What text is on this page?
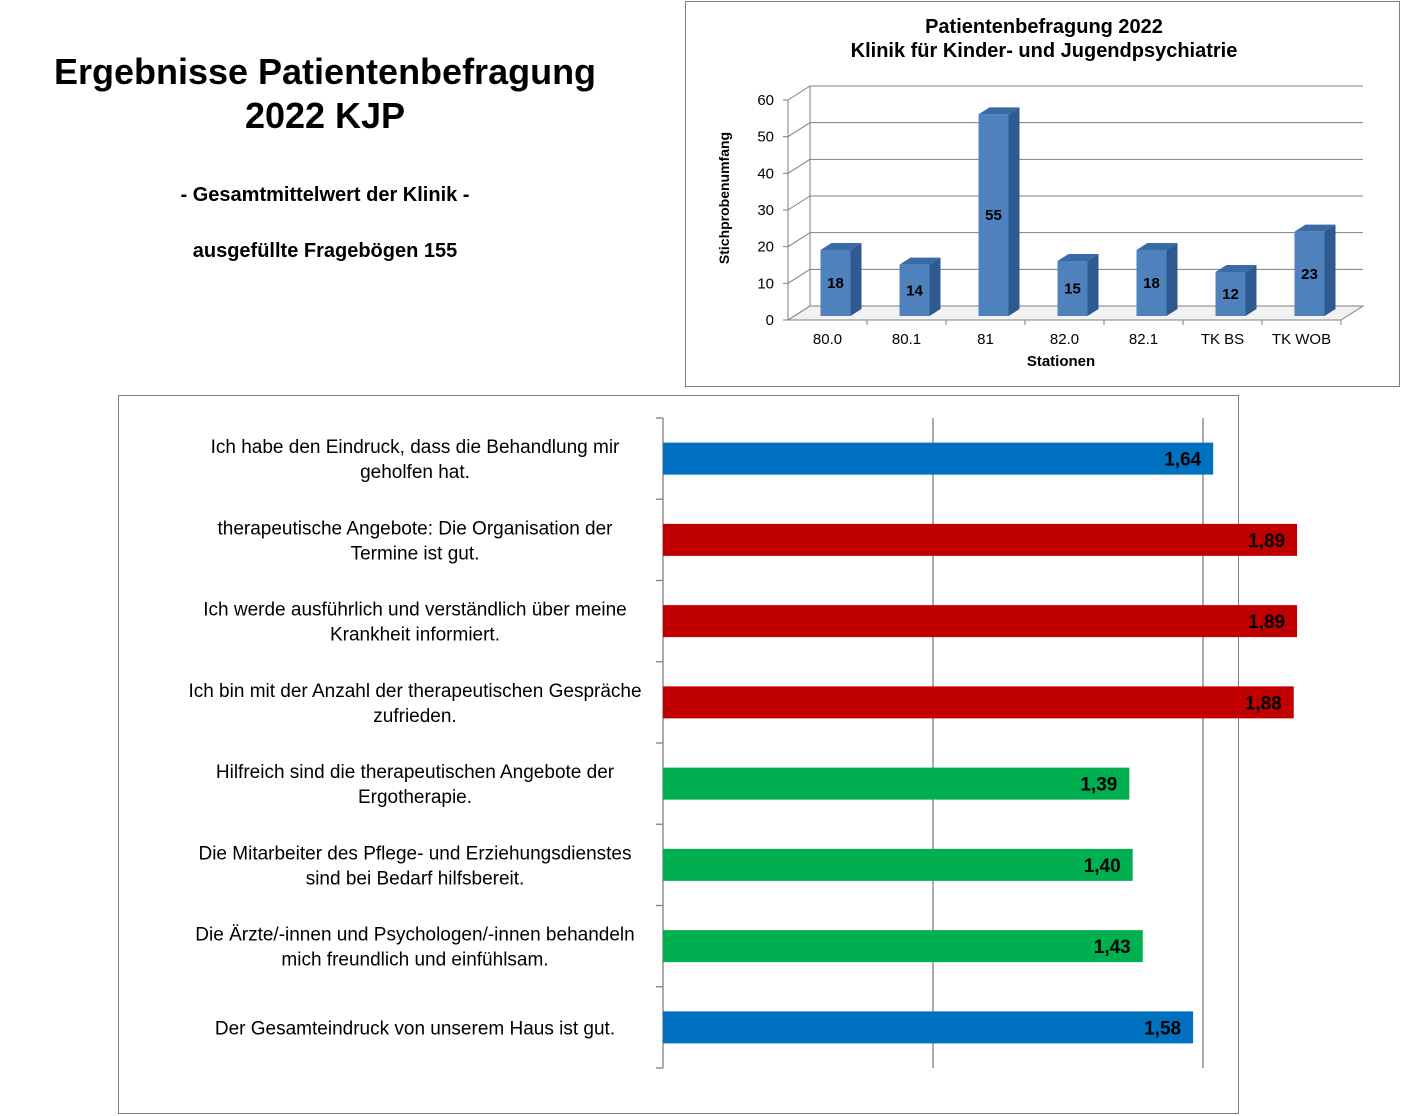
Ergebnisse Patientenbefragung
2022 KJP
- Gesamtmittelwert der Klinik -
ausgefüllte Fragebögen 155
Patientenbefragung 2022
Klinik für Kinder- und Jugendpsychiatrie
0
10
20
30
40
50
60
18	14
55
15	18
12
23
80.0	80.1	81	82.0	82.1	TK BS TK WOB
Stichprobenumfang
Stationen
1,64
1,89
1,89
1,88
1,39
1,40
1,43
1,58
Ich habe den Eindruck, dass die Behandlung mir geholfen hat.
therapeutische Angebote: Die Organisation der Termine ist gut.
Ich werde ausführlich und verständlich über meine Krankheit informiert.
Ich bin mit der Anzahl der therapeutischen Gespräche zufrieden.
Hilfreich sind die therapeutischen Angebote der Ergotherapie.
Die Mitarbeiter des Pflege- und Erziehungsdienstes sind bei Bedarf hilfsbereit.
Die Ärzte/-innen und Psychologen/-innen behandeln mich freundlich und einfühlsam.
Der Gesamteindruck von unserem Haus ist gut.
